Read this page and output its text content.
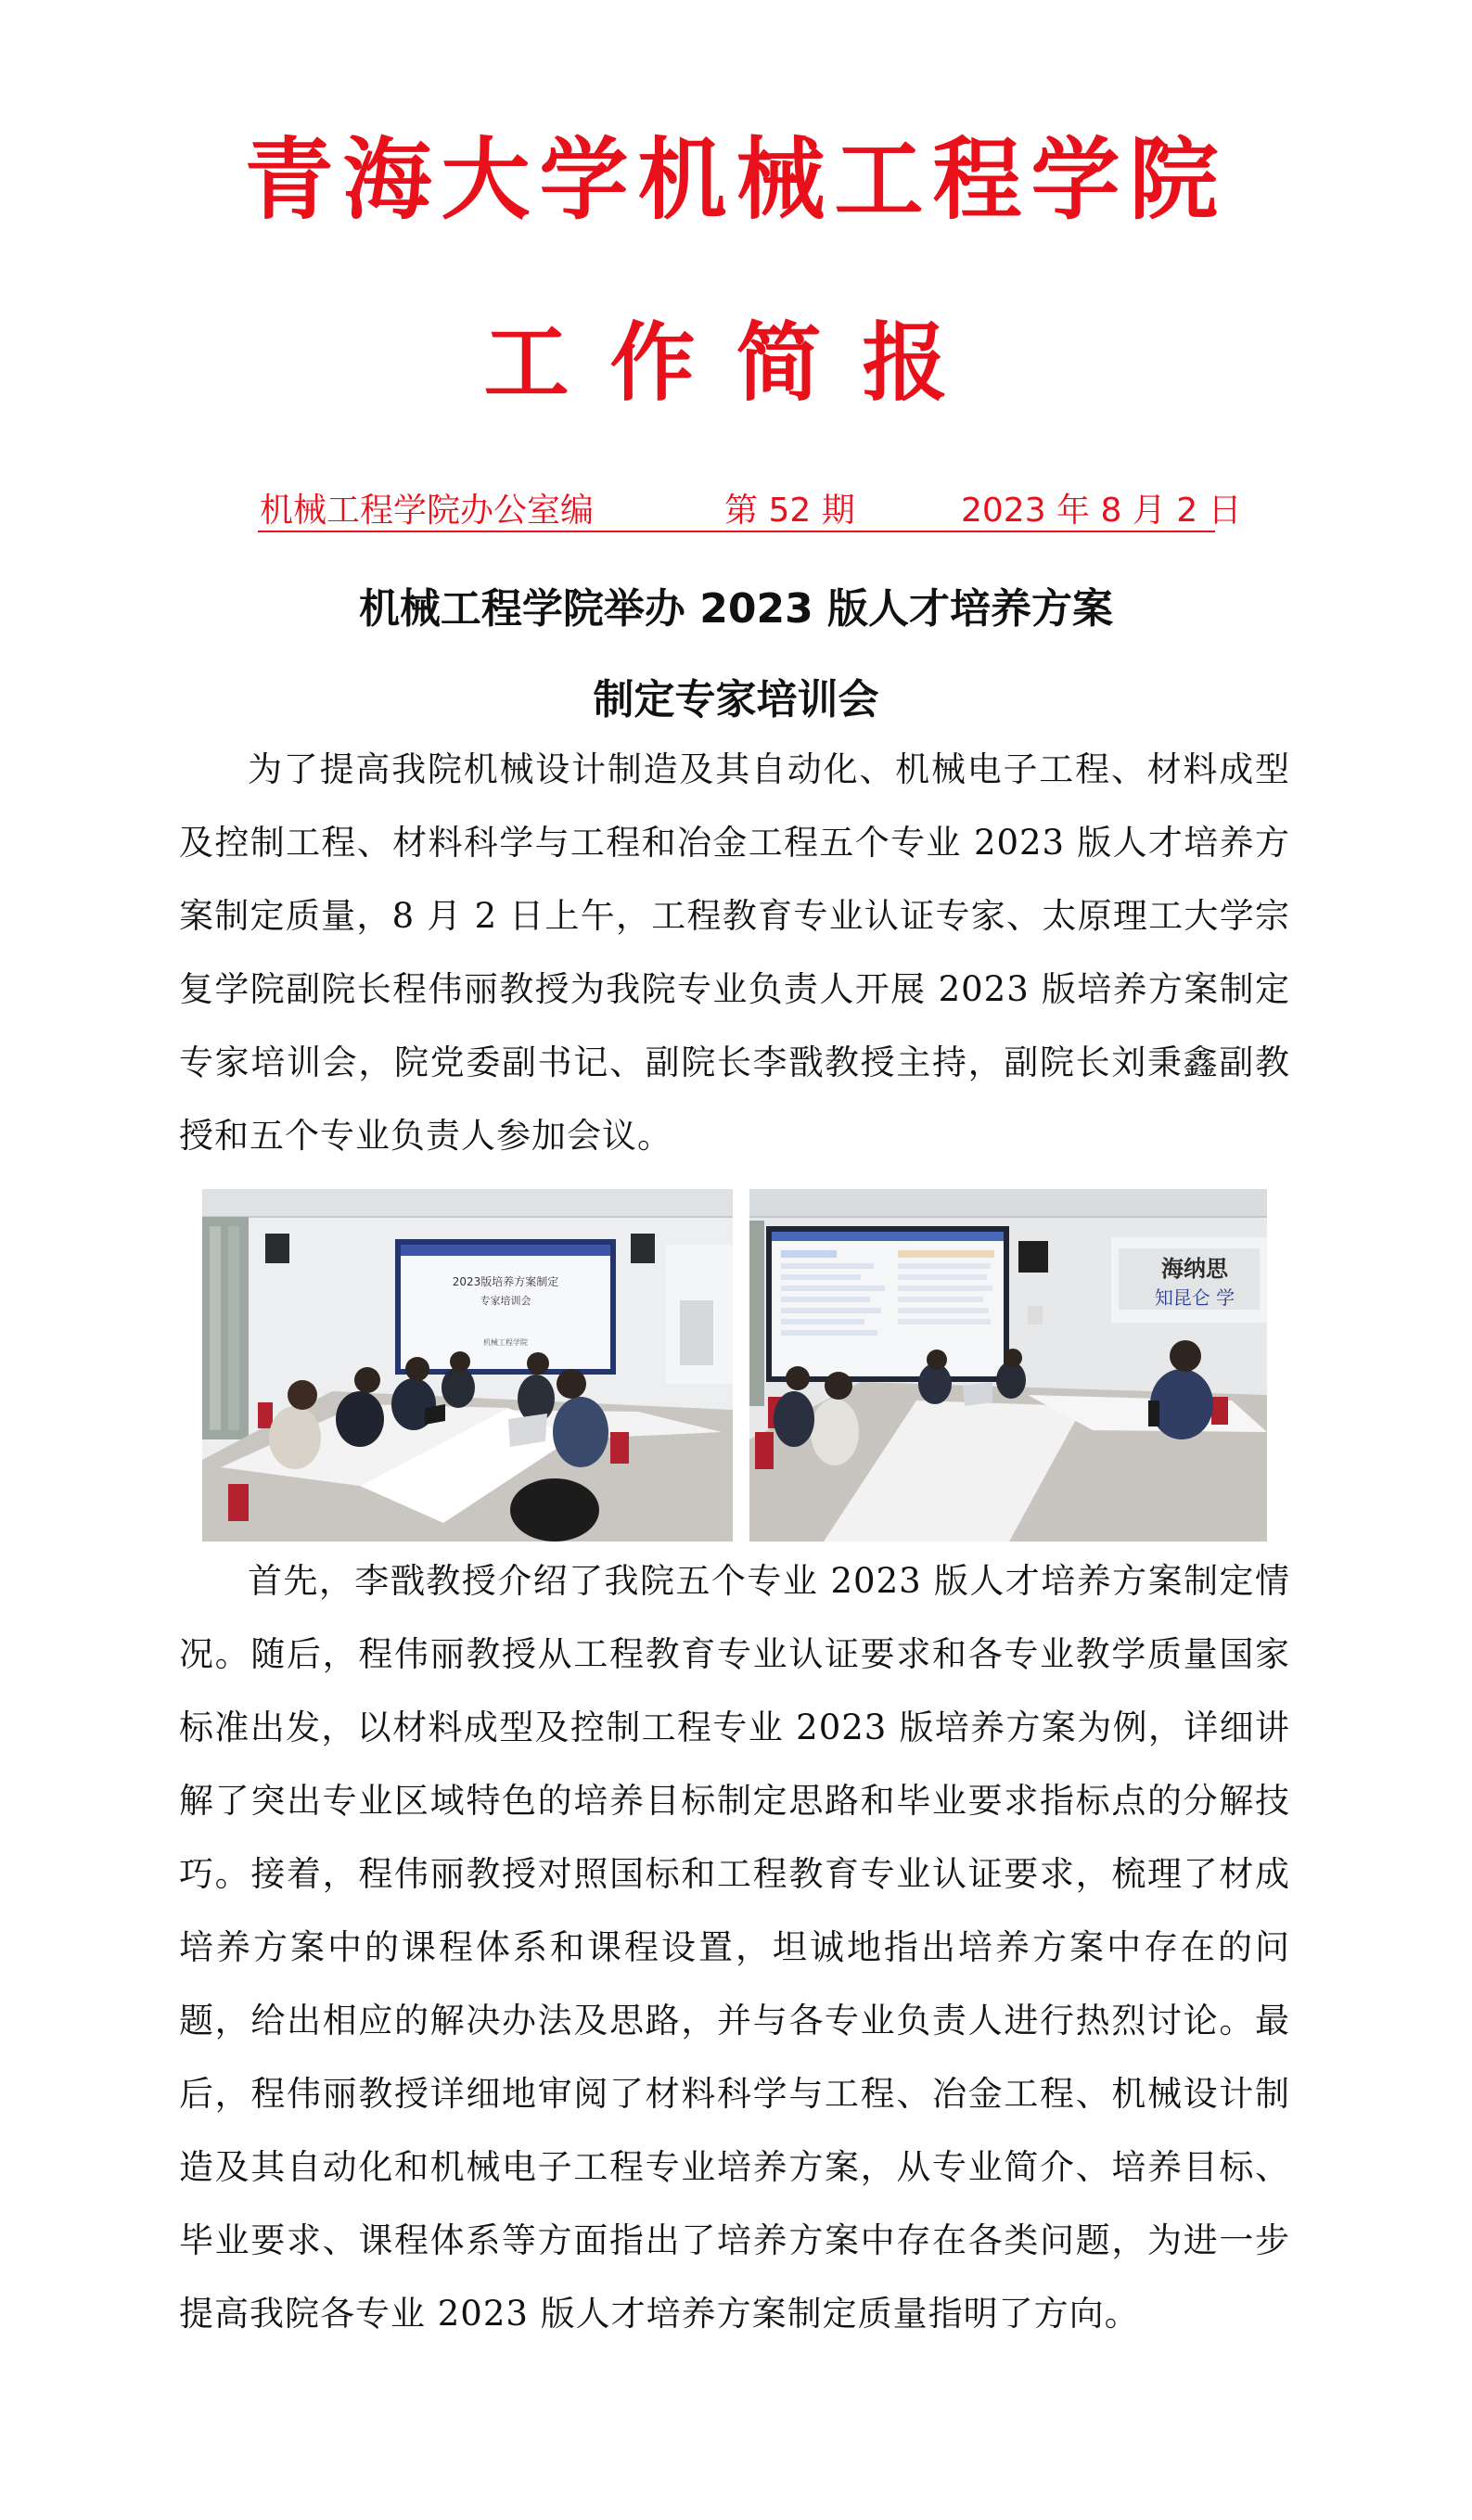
青海大学机械工程学院
工作简报
机械工程学院办公室编	第 52 期	2023 年 8 月 2 日
机械工程学院举办 2023 版人才培养方案
制定专家培训会

为了提高我院机械设计制造及其自动化、机械电子工程、材料成型及控制工程、材料科学与工程和冶金工程五个专业 2023 版人才培养方案制定质量，8 月 2 日上午，工程教育专业认证专家、太原理工大学宗复学院副院长程伟丽教授为我院专业负责人开展 2023 版培养方案制定专家培训会，院党委副书记、副院长李戬教授主持，副院长刘秉鑫副教授和五个专业负责人参加会议。

2023版培养方案制定
专家培训会
机械工程学院
海纳思
知昆仑 学

首先，李戬教授介绍了我院五个专业 2023 版人才培养方案制定情况。随后，程伟丽教授从工程教育专业认证要求和各专业教学质量国家标准出发，以材料成型及控制工程专业 2023 版培养方案为例，详细讲解了突出专业区域特色的培养目标制定思路和毕业要求指标点的分解技巧。接着，程伟丽教授对照国标和工程教育专业认证要求，梳理了材成培养方案中的课程体系和课程设置，坦诚地指出培养方案中存在的问题，给出相应的解决办法及思路，并与各专业负责人进行热烈讨论。最后，程伟丽教授详细地审阅了材料科学与工程、冶金工程、机械设计制造及其自动化和机械电子工程专业培养方案，从专业简介、培养目标、毕业要求、课程体系等方面指出了培养方案中存在各类问题，为进一步提高我院各专业 2023 版人才培养方案制定质量指明了方向。
